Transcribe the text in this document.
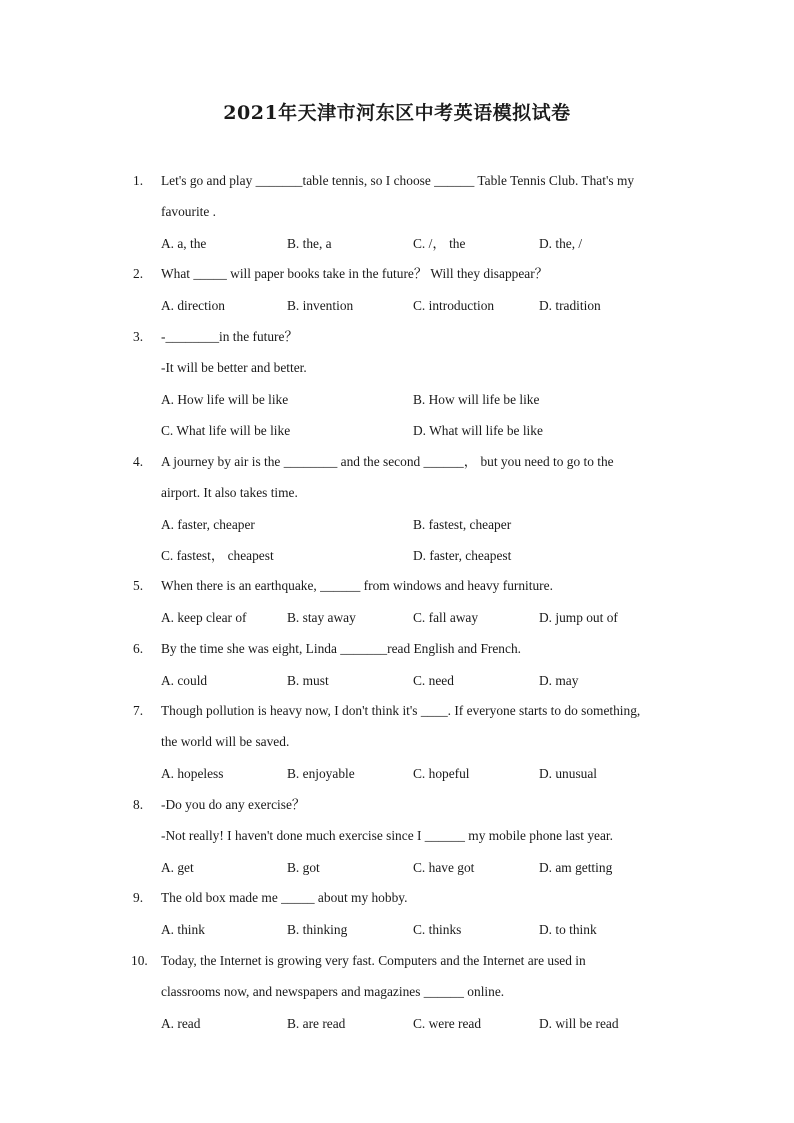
2021年天津市河东区中考英语模拟试卷
1. Let's go and play _______table tennis, so I choose ______ Table Tennis Club. That's my
favourite .
A. a, the	B. the, a	C. /， the	D. the, /
2. What _____ will paper books take in the future？ Will they disappear？
A. direction	B. invention	C. introduction	D. tradition
3. -________in the future？
-It will be better and better.
A. How life will be like	B. How will life be like
C. What life will be like	D. What will life be like
4. A journey by air is the ________ and the second ______， but you need to go to the
airport. It also takes time.
A. faster, cheaper	B. fastest, cheaper
C. fastest， cheapest	D. faster, cheapest
5. When there is an earthquake, ______ from windows and heavy furniture.
A. keep clear of	B. stay away	C. fall away	D. jump out of
6. By the time she was eight, Linda _______read English and French.
A. could	B. must	C. need	D. may
7. Though pollution is heavy now, I don't think it's ____. If everyone starts to do something,
the world will be saved.
A. hopeless	B. enjoyable	C. hopeful	D. unusual
8. -Do you do any exercise？
-Not really! I haven't done much exercise since I ______ my mobile phone last year.
A. get	B. got	C. have got	D. am getting
9. The old box made me _____ about my hobby.
A. think	B. thinking	C. thinks	D. to think
10. Today, the Internet is growing very fast. Computers and the Internet are used in
classrooms now, and newspapers and magazines ______ online.
A. read	B. are read	C. were read	D. will be read
